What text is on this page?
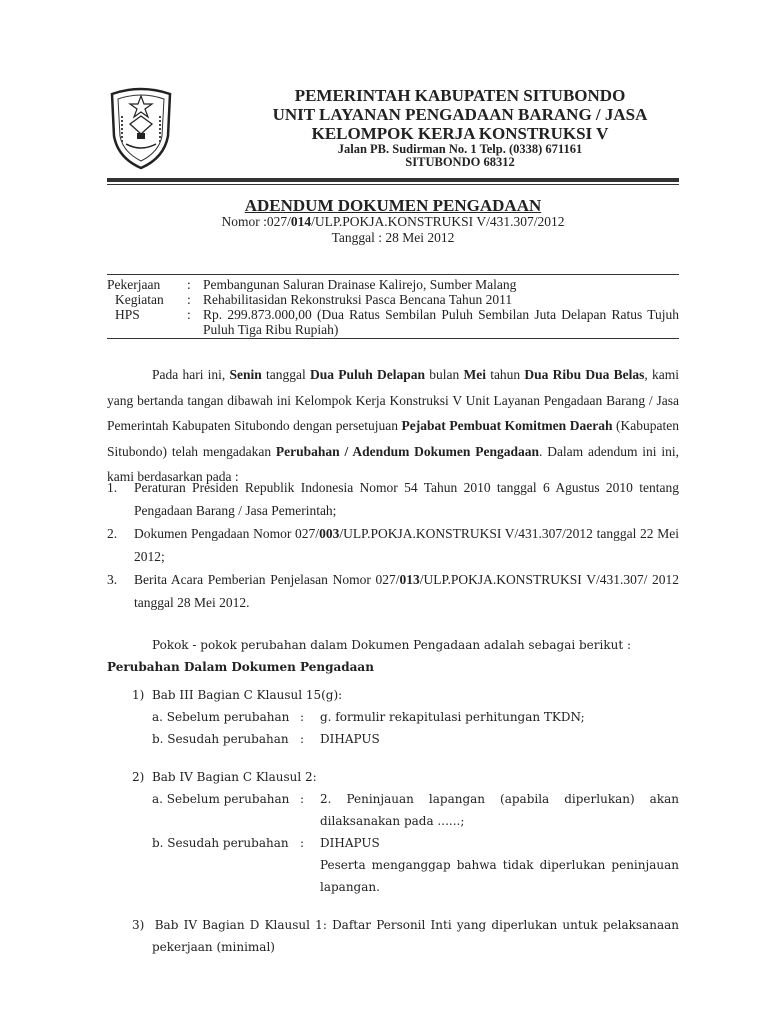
PEMERINTAH KABUPATEN SITUBONDO
UNIT LAYANAN PENGADAAN BARANG / JASA
KELOMPOK KERJA KONSTRUKSI V
Jalan PB. Sudirman No. 1 Telp. (0338) 671161
SITUBONDO 68312
ADENDUM DOKUMEN PENGADAAN
Nomor :027/014/ULP.POKJA.KONSTRUKSI V/431.307/2012
Tanggal : 28 Mei 2012
Pekerjaan	: Pembangunan Saluran Drainase Kalirejo, Sumber Malang
Kegiatan	: Rehabilitasidan Rekonstruksi Pasca Bencana Tahun 2011
HPS	: Rp. 299.873.000,00 (Dua Ratus Sembilan Puluh Sembilan Juta Delapan Ratus Tujuh Puluh Tiga Ribu Rupiah)
Pada hari ini, Senin tanggal Dua Puluh Delapan bulan Mei tahun Dua Ribu Dua Belas, kami yang bertanda tangan dibawah ini Kelompok Kerja Konstruksi V Unit Layanan Pengadaan Barang / Jasa Pemerintah Kabupaten Situbondo dengan persetujuan Pejabat Pembuat Komitmen Daerah (Kabupaten Situbondo) telah mengadakan Perubahan / Adendum Dokumen Pengadaan. Dalam adendum ini ini, kami berdasarkan pada :
1.	Peraturan Presiden Republik Indonesia Nomor 54 Tahun 2010 tanggal 6 Agustus 2010 tentang Pengadaan Barang / Jasa Pemerintah;
2.	Dokumen Pengadaan Nomor 027/003/ULP.POKJA.KONSTRUKSI V/431.307/2012 tanggal 22 Mei 2012;
3.	Berita Acara Pemberian Penjelasan Nomor 027/013/ULP.POKJA.KONSTRUKSI V/431.307/ 2012 tanggal 28 Mei 2012.
Pokok - pokok perubahan dalam Dokumen Pengadaan adalah sebagai berikut :
Perubahan Dalam Dokumen Pengadaan
1)  Bab III Bagian C Klausul 15(g):
a. Sebelum perubahan :	g. formulir rekapitulasi perhitungan TKDN;
b. Sesudah perubahan :	DIHAPUS
2)  Bab IV Bagian C Klausul 2:
a. Sebelum perubahan :	2. Peninjauan lapangan (apabila diperlukan) akan dilaksanakan pada ......;
b. Sesudah perubahan :	DIHAPUS
Peserta menganggap bahwa tidak diperlukan peninjauan lapangan.
3)  Bab IV Bagian D Klausul 1: Daftar Personil Inti yang diperlukan untuk pelaksanaan pekerjaan (minimal)
